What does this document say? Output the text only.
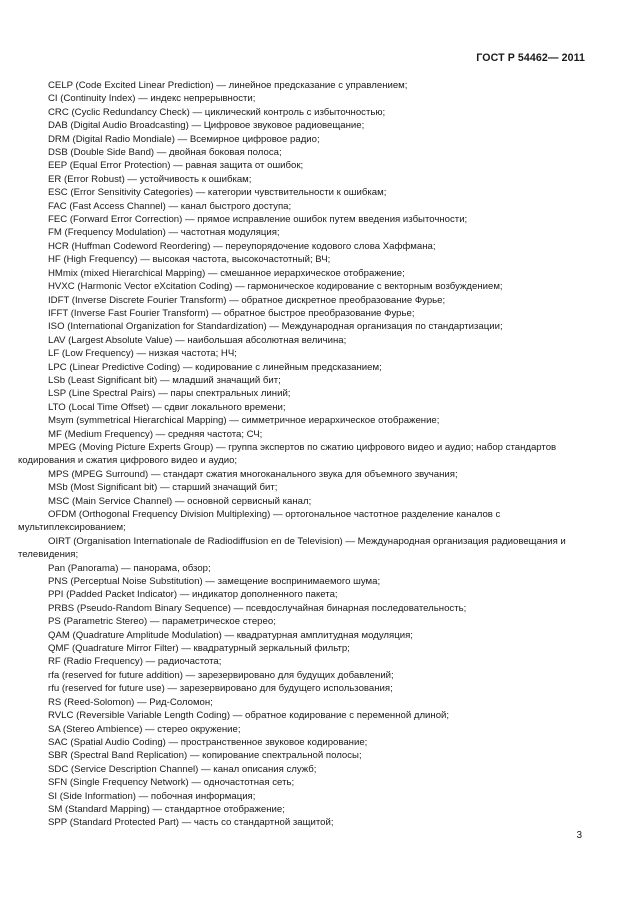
ГОСТ Р 54462— 2011

CELP (Code Excited Linear Prediction) — линейное предсказание с управлением;

CI (Continuity Index) — индекс непрерывности;

CRC (Cyclic Redundancy Check) — циклический контроль с избыточностью;

DAB (Digital Audio Broadcasting) — Цифровое звуковое радиовещание;

DRM (Digital Radio Mondiale) — Всемирное цифровое радио;

DSB (Double Side Band) — двойная боковая полоса;

EEP (Equal Error Protection) — равная защита от ошибок;

ER (Error Robust) — устойчивость к ошибкам;

ESC (Error Sensitivity Categories) — категории чувствительности к ошибкам;

FAC (Fast Access Channel) — канал быстрого доступа;

FEC (Forward Error Correction) — прямое исправление ошибок путем введения избыточности;

FM (Frequency Modulation) — частотная модуляция;

HCR (Huffman Codeword Reordering) — переупорядочение кодового слова Хаффмана;

HF (High Frequency) — высокая частота, высокочастотный; ВЧ;

HMmix (mixed Hierarchical Mapping) — смешанное иерархическое отображение;

HVXC (Harmonic Vector eXcitation Coding) — гармоническое кодирование с векторным возбуждением;

IDFT (Inverse Discrete Fourier Transform) — обратное дискретное преобразование Фурье;

IFFT (Inverse Fast Fourier Transform) — обратное быстрое преобразование Фурье;

ISO (International Organization for Standardization) — Международная организация по стандартизации;

LAV (Largest Absolute Value) — наибольшая абсолютная величина;

LF (Low Frequency) — низкая частота; НЧ;

LPC (Linear Predictive Coding) — кодирование с линейным предсказанием;

LSb (Least Significant bit) — младший значащий бит;

LSP (Line Spectral Pairs) — пары спектральных линий;

LTO (Local Time Offset) — сдвиг локального времени;

Msym (symmetrical Hierarchical Mapping) — симметричное иерархическое отображение;

MF (Medium Frequency) — средняя частота; СЧ;

MPEG (Moving Picture Experts Group) — группа экспертов по сжатию цифрового видео и аудио; набор стандартов кодирования и сжатия цифрового видео и аудио;

MPS (MPEG Surround) — стандарт сжатия многоканального звука для объемного звучания;

MSb (Most Significant bit) — старший значащий бит;

MSC (Main Service Channel) — основной сервисный канал;

OFDM (Orthogonal Frequency Division Multiplexing) — ортогональное частотное разделение каналов с мультиплексированием;

OIRT (Organisation Internationale de Radiodiffusion en de Television) — Международная организация радиовещания и телевидения;

Pan (Panorama) — панорама, обзор;

PNS (Perceptual Noise Substitution) — замещение воспринимаемого шума;

PPI (Padded Packet Indicator) — индикатор дополненного пакета;

PRBS (Pseudo-Random Binary Sequence) — псевдослучайная бинарная последовательность;

PS (Parametric Stereo) — параметрическое стерео;

QAM (Quadrature Amplitude Modulation) — квадратурная амплитудная модуляция;

QMF (Quadrature Mirror Filter) — квадратурный зеркальный фильтр;

RF (Radio Frequency) — радиочастота;

rfa (reserved for future addition) — зарезервировано для будущих добавлений;

rfu (reserved for future use) — зарезервировано для будущего использования;

RS (Reed-Solomon) — Рид-Соломон;

RVLC (Reversible Variable Length Coding) — обратное кодирование с переменной длиной;

SA (Stereo Ambience) — стерео окружение;

SAC (Spatial Audio Coding) — пространственное звуковое кодирование;

SBR (Spectral Band Replication) — копирование спектральной полосы;

SDC (Service Description Channel) — канал описания служб;

SFN (Single Frequency Network) — одночастотная сеть;

SI (Side Information) — побочная информация;

SM (Standard Mapping) — стандартное отображение;

SPP (Standard Protected Part) — часть со стандартной защитой;

3
